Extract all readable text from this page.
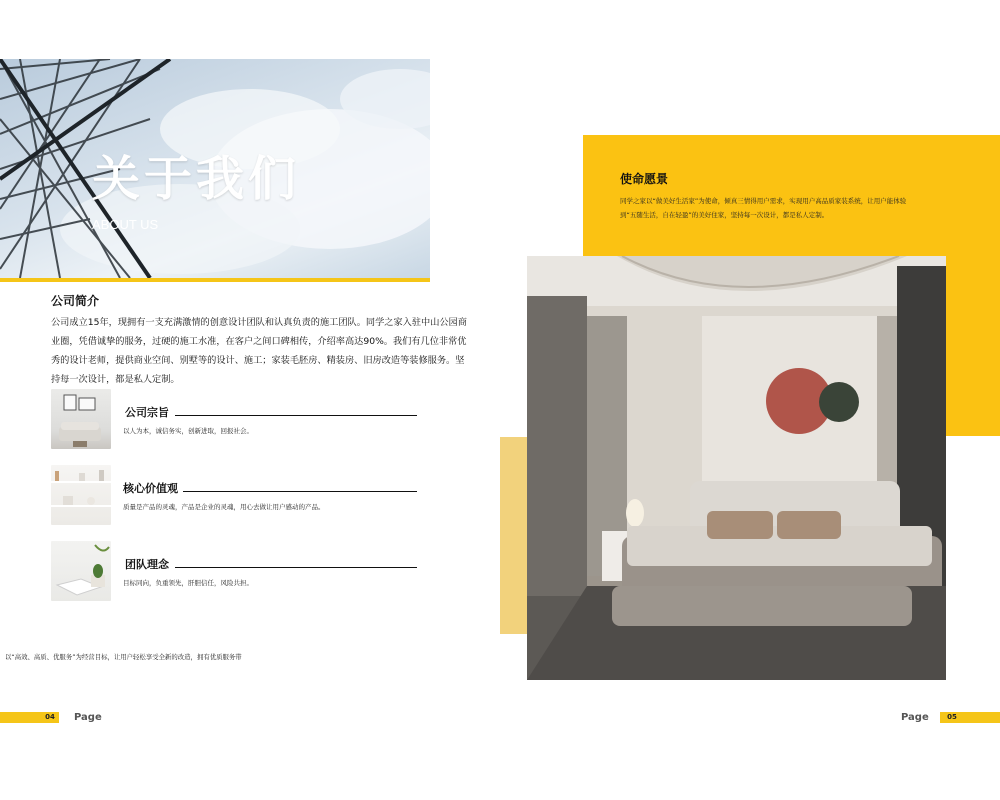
关于我们
ABOUT US
公司简介
公司成立15年，现拥有一支充满激情的创意设计团队和认真负责的施工团队。同学之家入驻中山公园商业圈，凭借诚挚的服务，过硬的施工水准，在客户之间口碑相传，介绍率高达90%。我们有几位非常优秀的设计老师，提供商业空间、别墅等的设计、施工；家装毛胚房、精装房、旧房改造等装修服务。坚持每一次设计，都是私人定制。
公司宗旨
以人为本，诚信务实，创新进取，回报社会。
核心价值观
质量是产品的灵魂，产品是企业的灵魂，用心去做让用户感动的产品。
团队理念
目标同向，负重领先，肝胆信任，风险共担。
以“高效、高质、优服务”为经营目标，让用户轻松享受全新的改造，拥有优质服务带
04	Page
使命愿景
同学之家以“做美好生活家”为使命，倾真三情得用户需求，实现用户高品质家装系统，让用户能体验到“五随生活，自在轻盈”的美好住家，坚持每一次设计，都是私人定制。
Page	05
